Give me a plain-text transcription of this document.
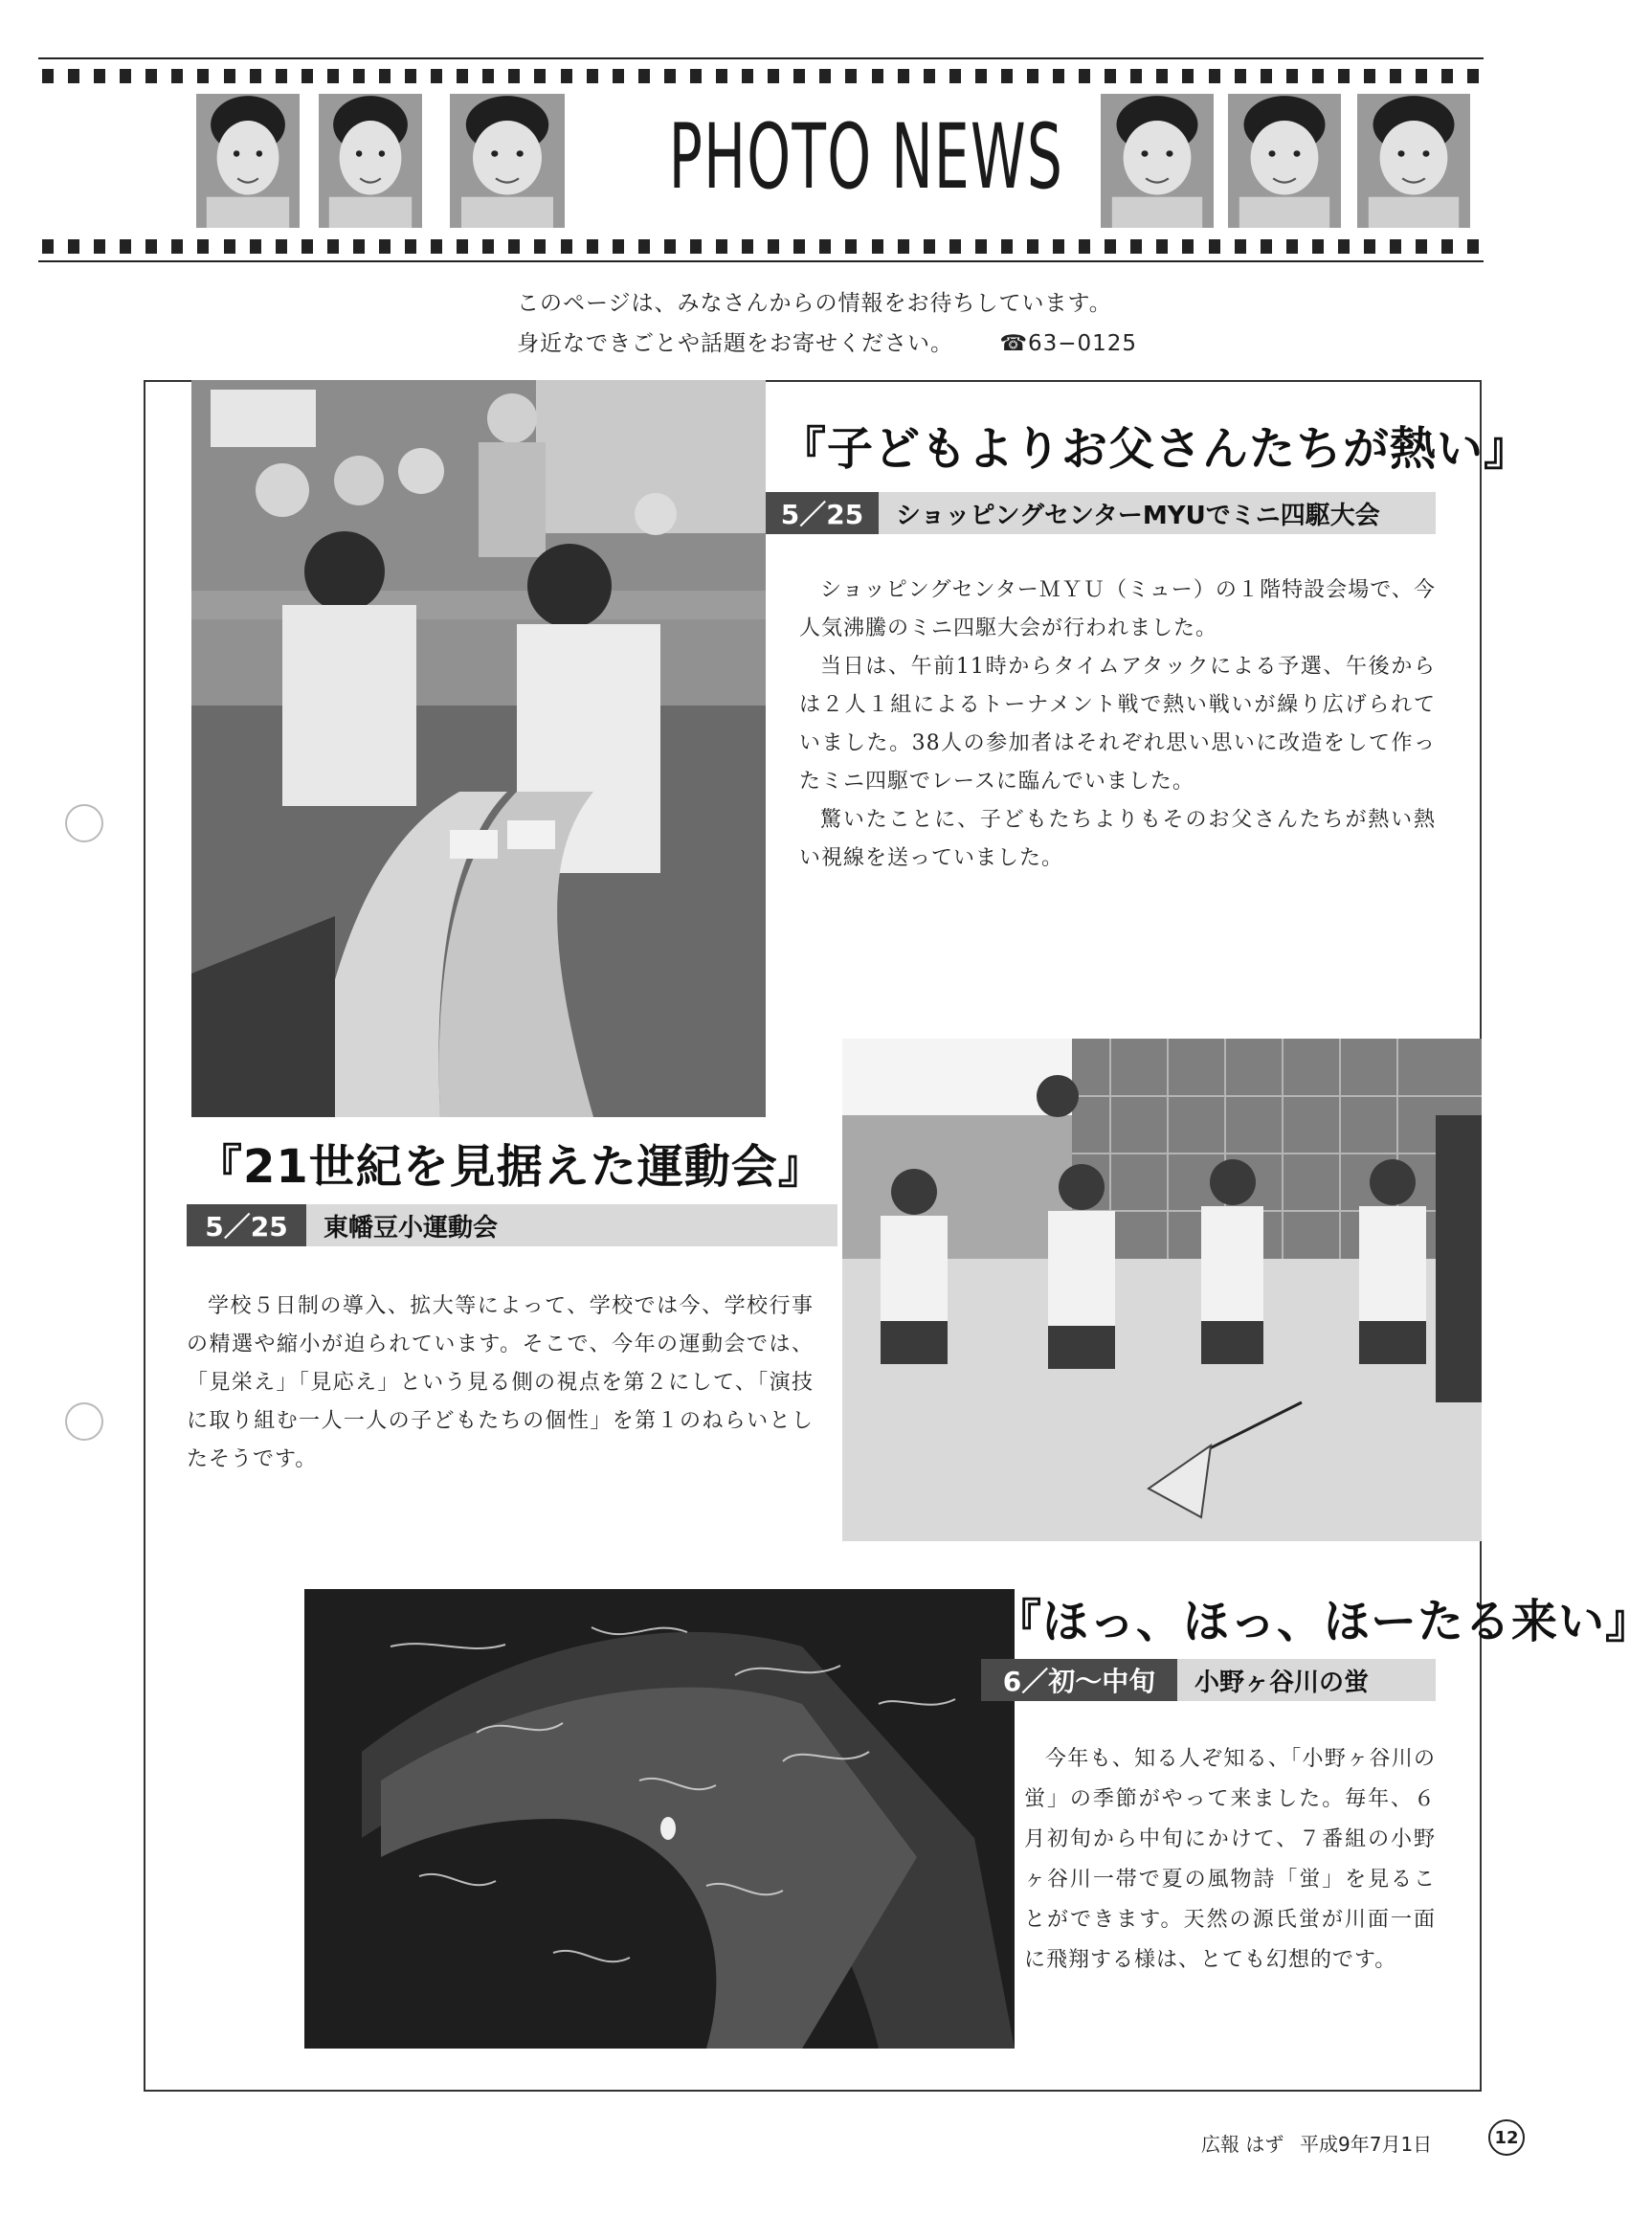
PHOTO NEWS
このページは、みなさんからの情報をお待ちしています。
身近なできごとや話題をお寄せください。 ☎63−0125
『子どもよりお父さんたちが熱い』
5／25	ショッピングセンターMYUでミニ四駆大会

ショッピングセンターＭＹＵ（ミュー）の１階特設会場で、今人気沸騰のミニ四駆大会が行われました。

当日は、午前11時からタイムアタックによる予選、午後からは２人１組によるトーナメント戦で熱い戦いが繰り広げられていました。38人の参加者はそれぞれ思い思いに改造をして作ったミニ四駆でレースに臨んでいました。

驚いたことに、子どもたちよりもそのお父さんたちが熱い熱い視線を送っていました。

『21世紀を見据えた運動会』
5／25	東幡豆小運動会

学校５日制の導入、拡大等によって、学校では今、学校行事の精選や縮小が迫られています。そこで、今年の運動会では、「見栄え」「見応え」という見る側の視点を第２にして、「演技に取り組む一人一人の子どもたちの個性」を第１のねらいとしたそうです。

『ほっ、ほっ、ほーたる来い』
6／初～中旬	小野ヶ谷川の蛍

今年も、知る人ぞ知る、「小野ヶ谷川の蛍」の季節がやって来ました。毎年、６月初旬から中旬にかけて、７番組の小野ヶ谷川一帯で夏の風物詩「蛍」を見ることができます。天然の源氏蛍が川面一面に飛翔する様は、とても幻想的です。

広報 はず 平成9年7月1日	12
